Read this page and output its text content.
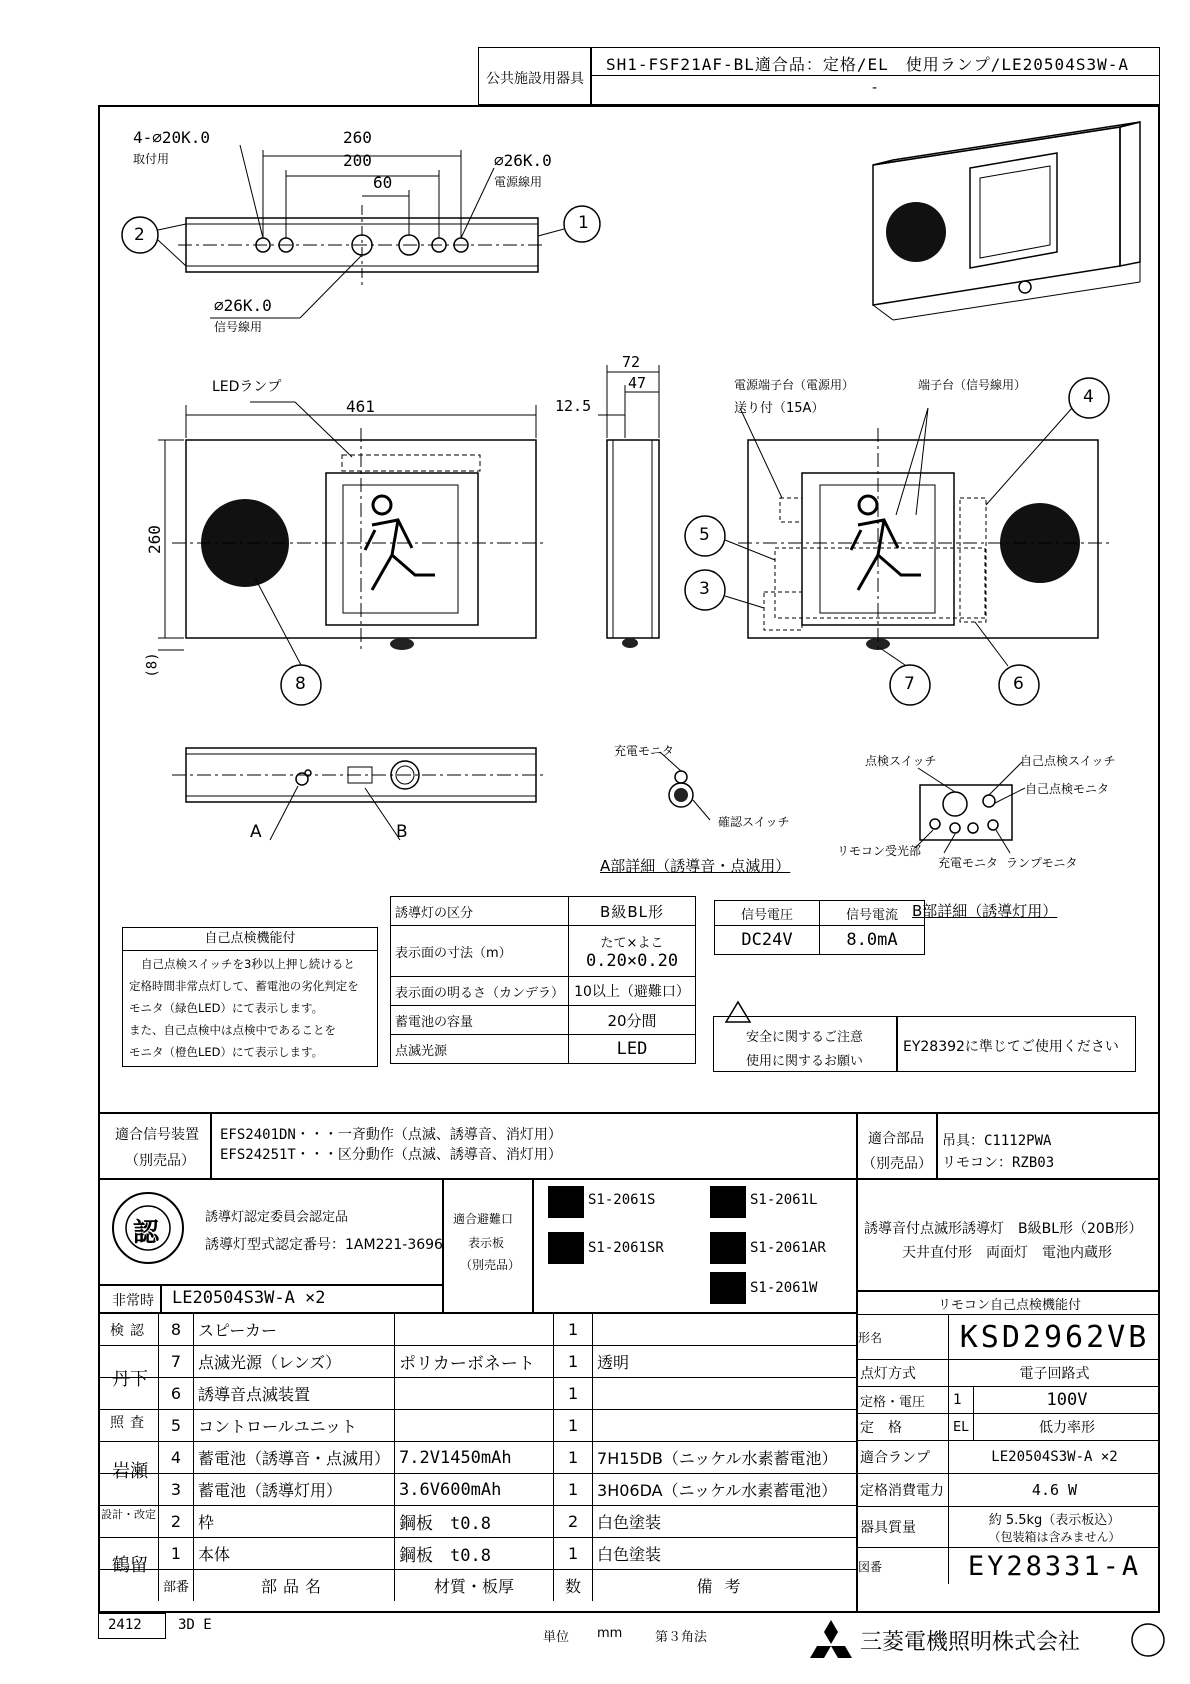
公共施設用器具
SH1-FSF21AF-BL適合品：定格/EL　使用ランプ/LE20504S3W-A
-
4-∅20K.0
取付用
260
200
60
∅26K.0
電源線用
∅26K.0
信号線用
2
1
LEDランプ
461
260
(8)
8
72
47
12.5
電源端子台（電源用）
送り付（15A）
端子台（信号線用）
4
5
3
7	6
A	B
充電モニタ
確認スイッチ
A部詳細（誘導音・点滅用）
点検スイッチ	自己点検スイッチ
自己点検モニタ
リモコン受光部
充電モニタ ランプモニタ
B部詳細（誘導灯用）
自己点検機能付
自己点検スイッチを3秒以上押し続けると
定格時間非常点灯して、蓄電池の劣化判定を
モニタ（緑色LED）にて表示します。
また、自己点検中は点検中であることを
モニタ（橙色LED）にて表示します。
誘導灯の区分	B級BL形
表示面の寸法（m）	たて×よこ
0.20×0.20

表示面の明るさ（カンデラ）	10以上（避難口）
蓄電池の容量	20分間
点滅光源	LED
信号電圧	信号電流
DC24V	8.0mA
安全に関するご注意
使用に関するお願い
EY28392に準じてご使用ください
適合信号装置
（別売品）
EFS2401DN・・・一斉動作（点滅、誘導音、消灯用）
EFS24251T・・・区分動作（点滅、誘導音、消灯用）
適合部品
（別売品）
吊具：C1112PWA
リモコン：RZB03
認
誘導灯認定委員会認定品
誘導灯型式認定番号：1AM221-3696
非常時 LE20504S3W-A ×2
適合避難口
表示板
（別売品）
S1-2061S
S1-2061SR
S1-2061L
S1-2061AR
S1-2061W
誘導音付点滅形誘導灯　B級BL形（20B形）
天井直付形　両面灯　電池内蔵形
リモコン自己点検機能付
形名	KSD2962VB	
点灯方式	電子回路式	
定格・電圧	1	100V
定　格	EL	低力率形
適合ランプ	LE20504S3W-A ×2	
定格消費電力	4.6 W	
器具質量	約 5.5kg（表示板込）
（包装箱は含みません）	

図番	EY28331-A	
	8	スピーカー		1	
	7	点滅光源（レンズ）	ポリカーボネート	1	透明
	6	誘導音点滅装置		1	
	5	コントロールユニット		1	
	4	蓄電池（誘導音・点滅用）	7.2V1450mAh	1	7H15DB（ニッケル水素蓄電池）
	3	蓄電池（誘導灯用）	3.6V600mAh	1	3H06DA（ニッケル水素蓄電池）
	2	枠	鋼板　t0.8	2	白色塗装
	1	本体	鋼板　t0.8	1	白色塗装
	部番	部品名	材質・板厚	数	備考
検認
丹下
照査
岩瀬
設計・改定
鶴留
2412	3D E
単位 mm	第３角法	三菱電機照明株式会社
